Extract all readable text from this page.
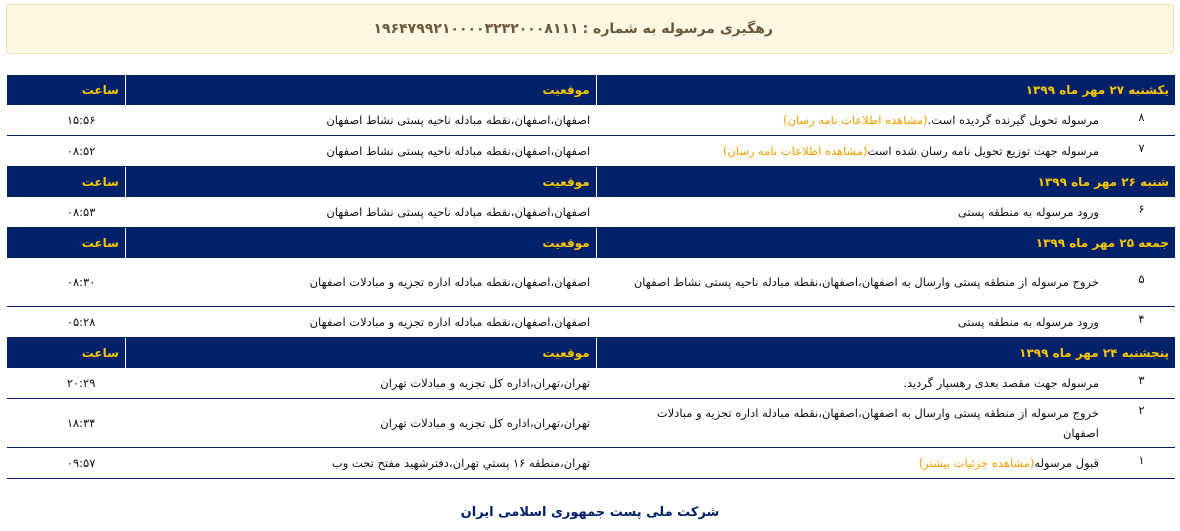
رهگیری مرسوله به شماره :
۱۹۶۴۷۹۹۲۱۰۰۰۰۳۲۳۲۰۰۰۸۱۱۱
یکشنبه ۲۷ مهر ماه ۱۳۹۹	موقعیت	ساعت
۸مرسوله تحویل گیرنده گردیده است.(مشاهده اطلاعات نامه رسان)	اصفهان،اصفهان،نقطه مبادله ناحیه پستی نشاط اصفهان	۱۵:۵۶
۷مرسوله جهت توزیع تحویل نامه رسان شده است(مشاهده اطلاعات نامه رسان)	اصفهان،اصفهان،نقطه مبادله ناحیه پستی نشاط اصفهان	۰۸:۵۲
شنبه ۲۶ مهر ماه ۱۳۹۹	موقعیت	ساعت
۶ورود مرسوله به منطقه پستی	اصفهان،اصفهان،نقطه مبادله ناحیه پستی نشاط اصفهان	۰۸:۵۳
جمعه ۲۵ مهر ماه ۱۳۹۹	موقعیت	ساعت
۵خروج مرسوله از منطقه پستی وارسال به اصفهان،اصفهان،نقطه مبادله ناحیه پستی نشاط اصفهان	اصفهان،اصفهان،نقطه مبادله اداره تجزیه و مبادلات اصفهان	۰۸:۳۰
۴ورود مرسوله به منطقه پستی	اصفهان،اصفهان،نقطه مبادله اداره تجزیه و مبادلات اصفهان	۰۵:۲۸
پنجشنبه ۲۴ مهر ماه ۱۳۹۹	موقعیت	ساعت
۳مرسوله جهت مقصد بعدی رهسپار گردید.	تهران،تهران،اداره کل تجزیه و مبادلات تهران	۲۰:۲۹
۲خروج مرسوله از منطقه پستی وارسال به اصفهان،اصفهان،نقطه مبادله اداره تجزیه و مبادلات اصفهان	تهران،تهران،اداره کل تجزیه و مبادلات تهران	۱۸:۳۴
۱قبول مرسوله(مشاهده جزئیات بیشتر)	تهران،منطقه ۱۶ پستي تهران،دفترشهید مفتح تحت وب	۰۹:۵۷
شرکت ملی پست جمهوری اسلامی ایران
